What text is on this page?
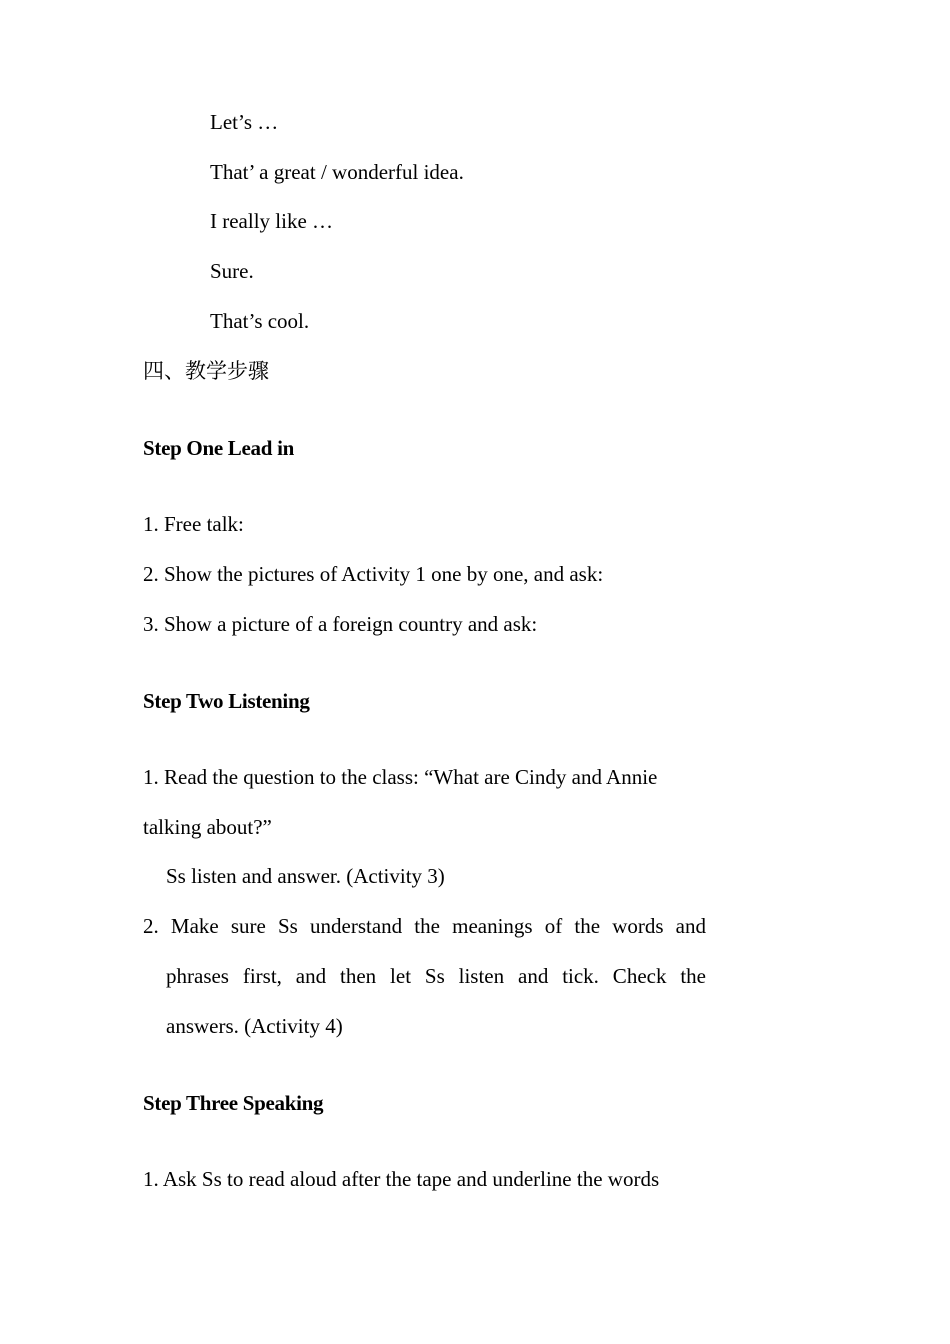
Let’s …
That’ a great / wonderful idea.
I really like …
Sure.
That’s cool.
四、教学步骤
Step One Lead in
1. Free talk:
2. Show the pictures of Activity 1 one by one, and ask:
3. Show a picture of a foreign country and ask:
Step Two Listening
1. Read the question to the class: “What are Cindy and Annie
talking about?”
Ss listen and answer. (Activity 3)
2. Make sure Ss understand the meanings of the words and
phrases first, and then let Ss listen and tick. Check the
answers. (Activity 4)
Step Three Speaking
1. Ask Ss to read aloud after the tape and underline the words
